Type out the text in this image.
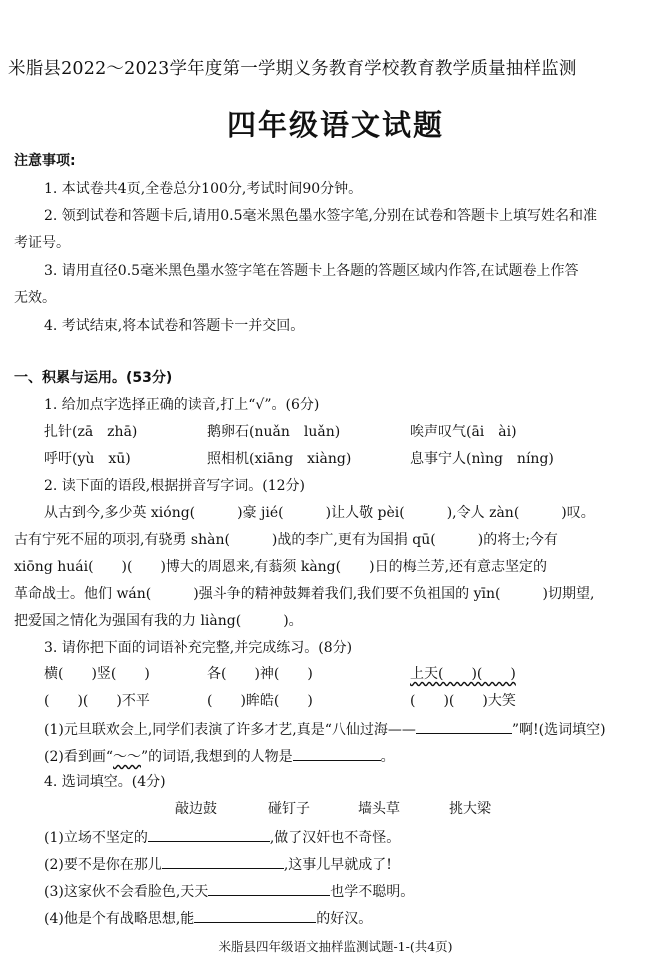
米脂县2022～2023学年度第一学期义务教育学校教育教学质量抽样监测
四年级语文试题
注意事项:
1. 本试卷共4页,全卷总分100分,考试时间90分钟。
2. 领到试卷和答题卡后,请用0.5毫米黑色墨水签字笔,分别在试卷和答题卡上填写姓名和准
考证号。
3. 请用直径0.5毫米黑色墨水签字笔在答题卡上各题的答题区域内作答,在试题卷上作答
无效。
4. 考试结束,将本试卷和答题卡一并交回。
一、积累与运用。(53分)
1. 给加点字选择正确的读音,打上“√”。(6分)
扎针(zā　zhā)	鹅卵石(nuǎn　luǎn)	唉声叹气(āi　ài)
呼吁(yù　xū)	照相机(xiāng　xiàng)	息事宁人(nìng　níng)
2. 读下面的语段,根据拼音写字词。(12分)
从古到今,多少英 xióng(　　　)豪 jié(　　　)让人敬 pèi(　　　),令人 zàn(　　　)叹。
古有宁死不屈的项羽,有骁勇 shàn(　　　)战的李广,更有为国捐 qū(　　　)的将士;今有
xiōng huái(　　)(　　)博大的周恩来,有蓊须 kàng(　　)日的梅兰芳,还有意志坚定的
革命战士。他们 wán(　　　)强斗争的精神鼓舞着我们,我们要不负祖国的 yīn(　　　)切期望,
把爱国之情化为强国有我的力 liàng(　　　)。
3. 请你把下面的词语补充完整,并完成练习。(8分)
横(　　)竖(　　)	各(　　)神(　　)	上天(　　)(　　)
(　　)(　　)不平	(　　)眸皓(　　)	(　　)(　　)大笑
(1)元旦联欢会上,同学们表演了许多才艺,真是“八仙过海——	”啊!(选词填空)
(2)看到画“～～”的词语,我想到的人物是	。
4. 选词填空。(4分)
敲边鼓	碰钉子	墙头草	挑大梁
(1)立场不坚定的	,做了汉奸也不奇怪。
(2)要不是你在那儿	,这事儿早就成了!
(3)这家伙不会看脸色,天天	也学不聪明。
(4)他是个有战略思想,能	的好汉。
米脂县四年级语文抽样监测试题-1-(共4页)
